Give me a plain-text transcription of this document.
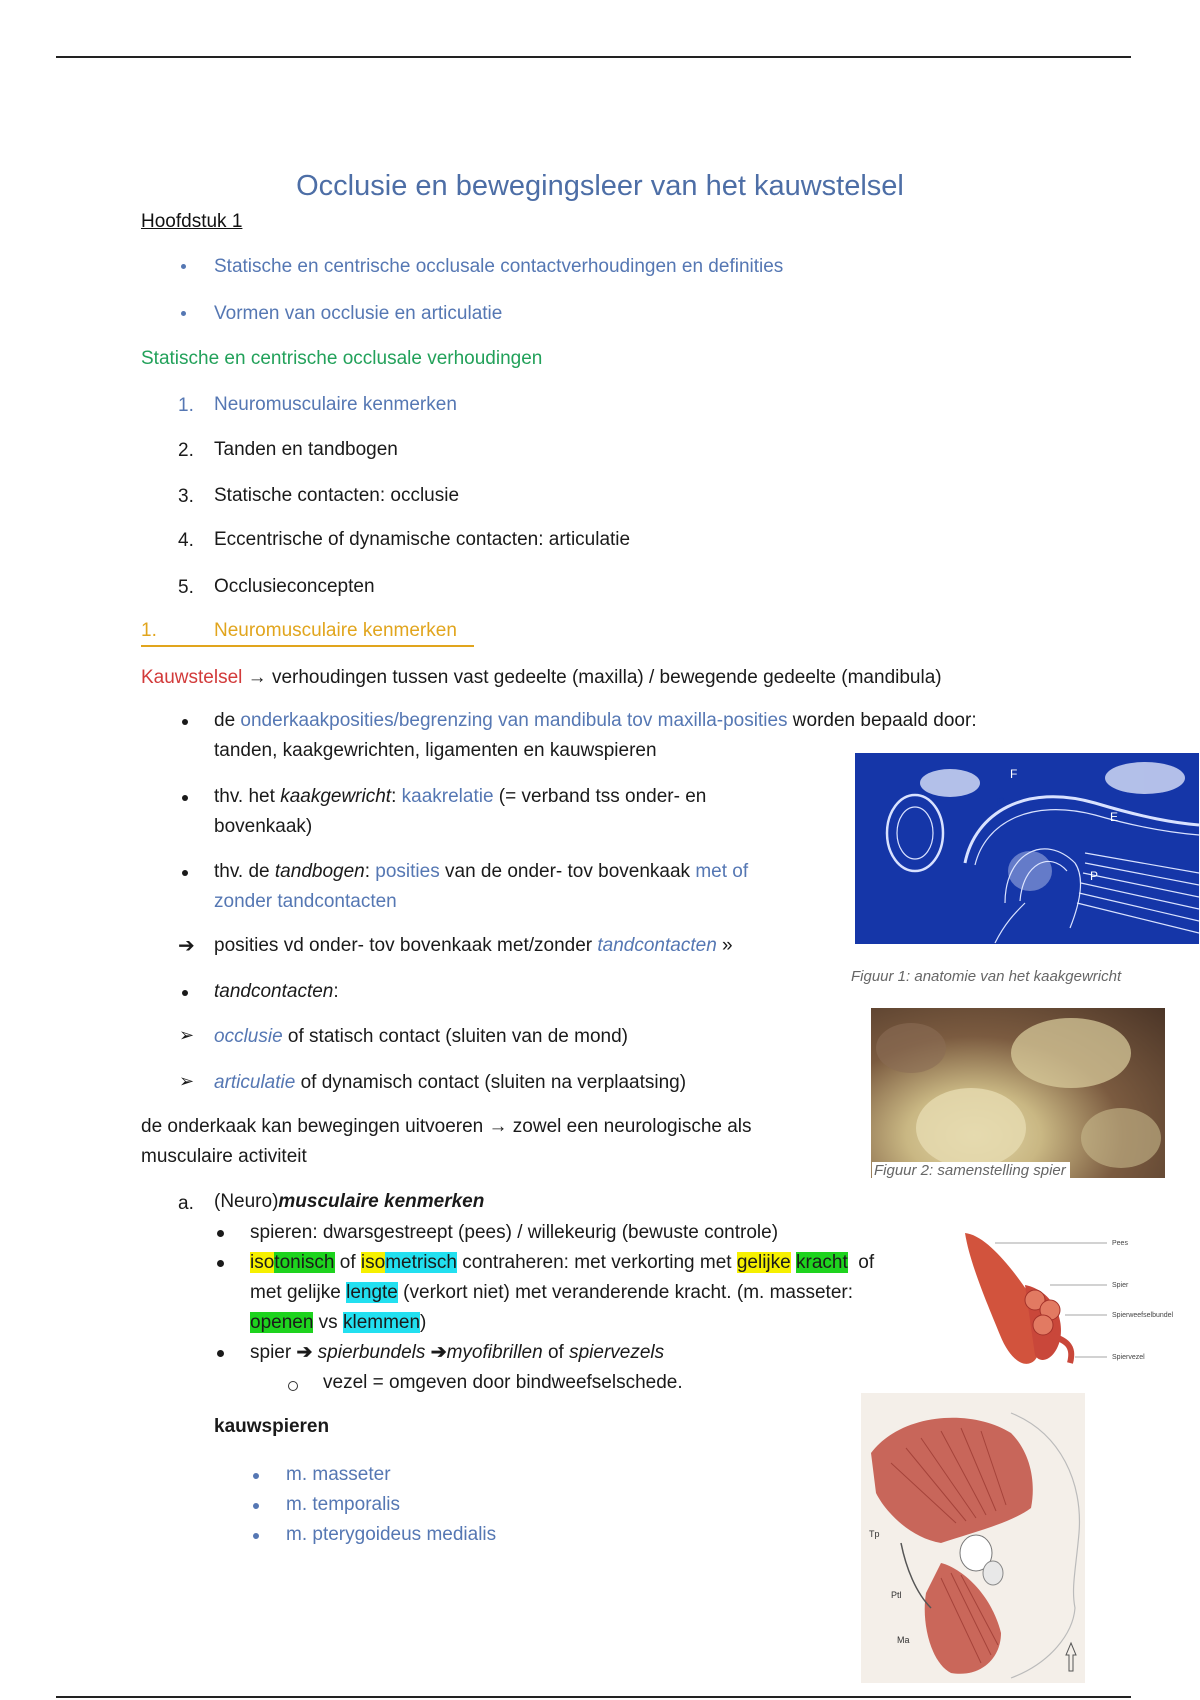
Occlusie en bewegingsleer van het kauwstelsel
Hoofdstuk 1
Statische en centrische occlusale contactverhoudingen en definities
Vormen van occlusie en articulatie
Statische en centrische occlusale verhoudingen
1. Neuromusculaire kenmerken
2. Tanden en tandbogen
3. Statische contacten: occlusie
4. Eccentrische of dynamische contacten: articulatie
5. Occlusieconcepten
1.	Neuromusculaire kenmerken
Kauwstelsel → verhoudingen tussen vast gedeelte (maxilla) / bewegende gedeelte (mandibula)
de onderkaakposities/begrenzing van mandibula tov maxilla-posities worden bepaald door:
tanden, kaakgewrichten, ligamenten en kauwspieren
thv. het kaakgewricht: kaakrelatie (= verband tss onder- en
bovenkaak)
thv. de tandbogen: posities van de onder- tov bovenkaak met of
zonder tandcontacten
➔ posities vd onder- tov bovenkaak met/zonder tandcontacten »
tandcontacten:
➢ occlusie of statisch contact (sluiten van de mond)
➢ articulatie of dynamisch contact (sluiten na verplaatsing)
de onderkaak kan bewegingen uitvoeren → zowel een neurologische als
musculaire activiteit
a. (Neuro)musculaire kenmerken
spieren: dwarsgestreept (pees) / willekeurig (bewuste controle)
isotonisch of isometrisch contraheren: met verkorting met gelijke kracht  of
met gelijke lengte (verkort niet) met veranderende kracht. (m. masseter:
openen vs klemmen)
spier ➔ spierbundels ➔myofibrillen of spiervezels
vezel = omgeven door bindweefselschede.
kauwspieren
m. masseter
m. temporalis
m. pterygoideus medialis
F
D
E
P
Figuur 1: anatomie van het kaakgewricht
Figuur 2: samenstelling spier
Pees
Spier
Spierweefselbundel
Spiervezel
Tp
Ptl
Ma
